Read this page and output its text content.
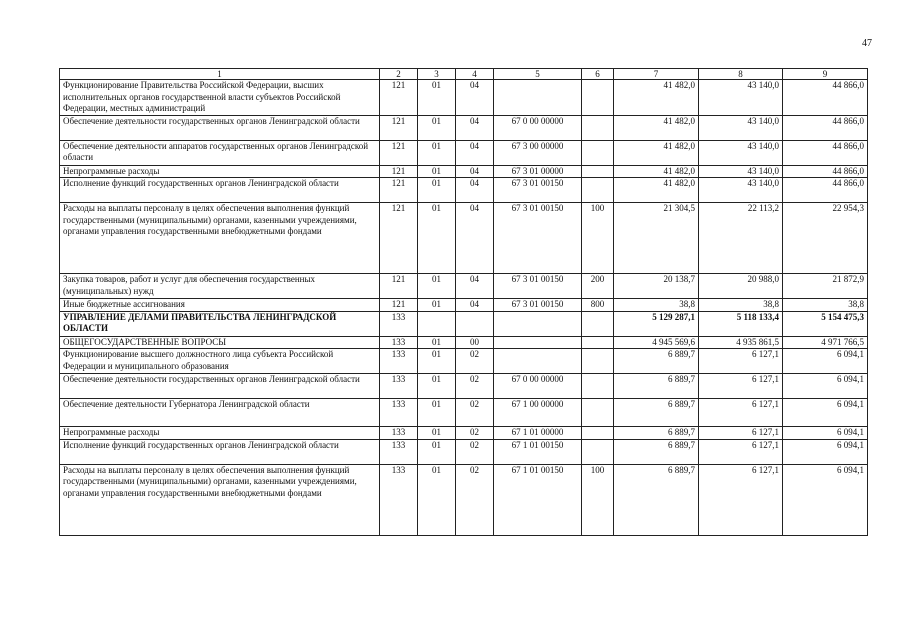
47
1	2	3	4	5	6	7	8	9
Функционирование Правительства Российской Федерации, высших исполнительных органов государственной власти субъектов Российской Федерации, местных администраций	121	01	04			41 482,0	43 140,0	44 866,0
Обеспечение деятельности государственных органов Ленинградской области	121	01	04	67 0 00 00000		41 482,0	43 140,0	44 866,0
Обеспечение деятельности аппаратов государственных органов Ленинградской области	121	01	04	67 3 00 00000		41 482,0	43 140,0	44 866,0
Непрограммные расходы	121	01	04	67 3 01 00000		41 482,0	43 140,0	44 866,0
Исполнение функций государственных органов Ленинградской области	121	01	04	67 3 01 00150		41 482,0	43 140,0	44 866,0
Расходы на выплаты персоналу в целях обеспечения выполнения функций государственными (муниципальными) органами, казенными учреждениями, органами управления государственными внебюджетными фондами	121	01	04	67 3 01 00150	100	21 304,5	22 113,2	22 954,3
Закупка товаров, работ и услуг для обеспечения государственных (муниципальных) нужд	121	01	04	67 3 01 00150	200	20 138,7	20 988,0	21 872,9
Иные бюджетные ассигнования	121	01	04	67 3 01 00150	800	38,8	38,8	38,8
УПРАВЛЕНИЕ ДЕЛАМИ ПРАВИТЕЛЬСТВА ЛЕНИНГРАДСКОЙ ОБЛАСТИ	133					5 129 287,1	5 118 133,4	5 154 475,3
ОБЩЕГОСУДАРСТВЕННЫЕ ВОПРОСЫ	133	01	00			4 945 569,6	4 935 861,5	4 971 766,5
Функционирование высшего должностного лица субъекта Российской Федерации и муниципального образования	133	01	02			6 889,7	6 127,1	6 094,1
Обеспечение деятельности государственных органов Ленинградской области	133	01	02	67 0 00 00000		6 889,7	6 127,1	6 094,1
Обеспечение деятельности Губернатора Ленинградской области	133	01	02	67 1 00 00000		6 889,7	6 127,1	6 094,1
Непрограммные расходы	133	01	02	67 1 01 00000		6 889,7	6 127,1	6 094,1
Исполнение функций государственных органов Ленинградской области	133	01	02	67 1 01 00150		6 889,7	6 127,1	6 094,1
Расходы на выплаты персоналу в целях обеспечения выполнения функций государственными (муниципальными) органами, казенными учреждениями, органами управления государственными внебюджетными фондами	133	01	02	67 1 01 00150	100	6 889,7	6 127,1	6 094,1
